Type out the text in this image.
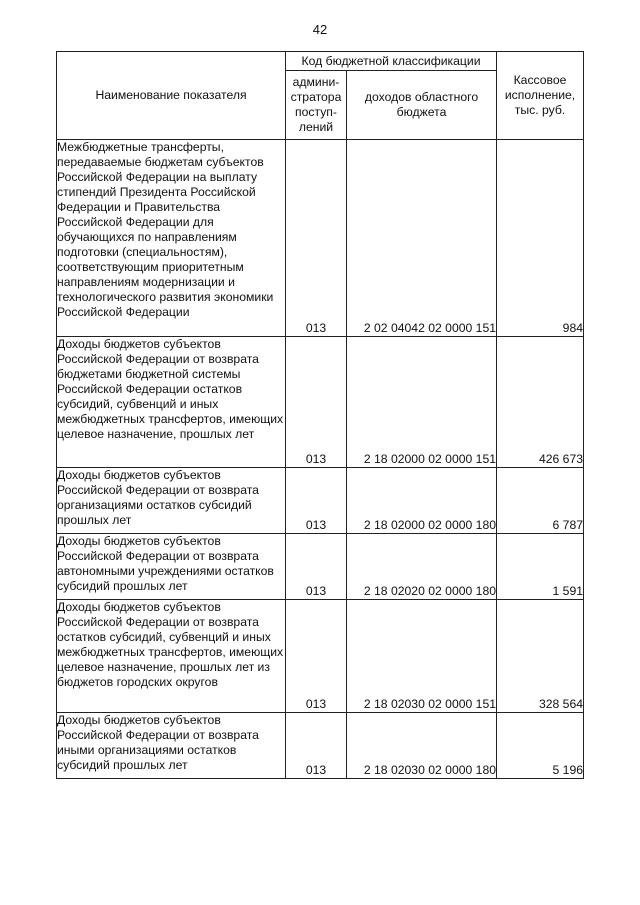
42
Наименование показателя	Код бюджетной классификации		Кассовое исполнение, тыс. руб.
	админи-стратора поступ-лений	доходов областного бюджета	
Межбюджетные трансферты, передаваемые бюджетам субъектов Российской Федерации на выплату стипендий Президента Российской Федерации и Правительства Российской Федерации для обучающихся по направлениям подготовки (специальностям), соответствующим приоритетным направлениям модернизации и технологического развития экономики Российской Федерации	013	2 02 04042 02 0000 151	984
Доходы бюджетов субъектов Российской Федерации от возврата бюджетами бюджетной системы Российской Федерации остатков субсидий, субвенций и иных межбюджетных трансфертов, имеющих целевое назначение, прошлых лет	013	2 18 02000 02 0000 151	426 673
Доходы бюджетов субъектов Российской Федерации от возврата организациями остатков субсидий прошлых лет	013	2 18 02000 02 0000 180	6 787
Доходы бюджетов субъектов Российской Федерации от возврата автономными учреждениями остатков субсидий прошлых лет	013	2 18 02020 02 0000 180	1 591
Доходы бюджетов субъектов Российской Федерации от возврата остатков субсидий, субвенций и иных межбюджетных трансфертов, имеющих целевое назначение, прошлых лет из бюджетов городских округов	013	2 18 02030 02 0000 151	328 564
Доходы бюджетов субъектов Российской Федерации от возврата иными организациями остатков субсидий прошлых лет	013	2 18 02030 02 0000 180	5 196
